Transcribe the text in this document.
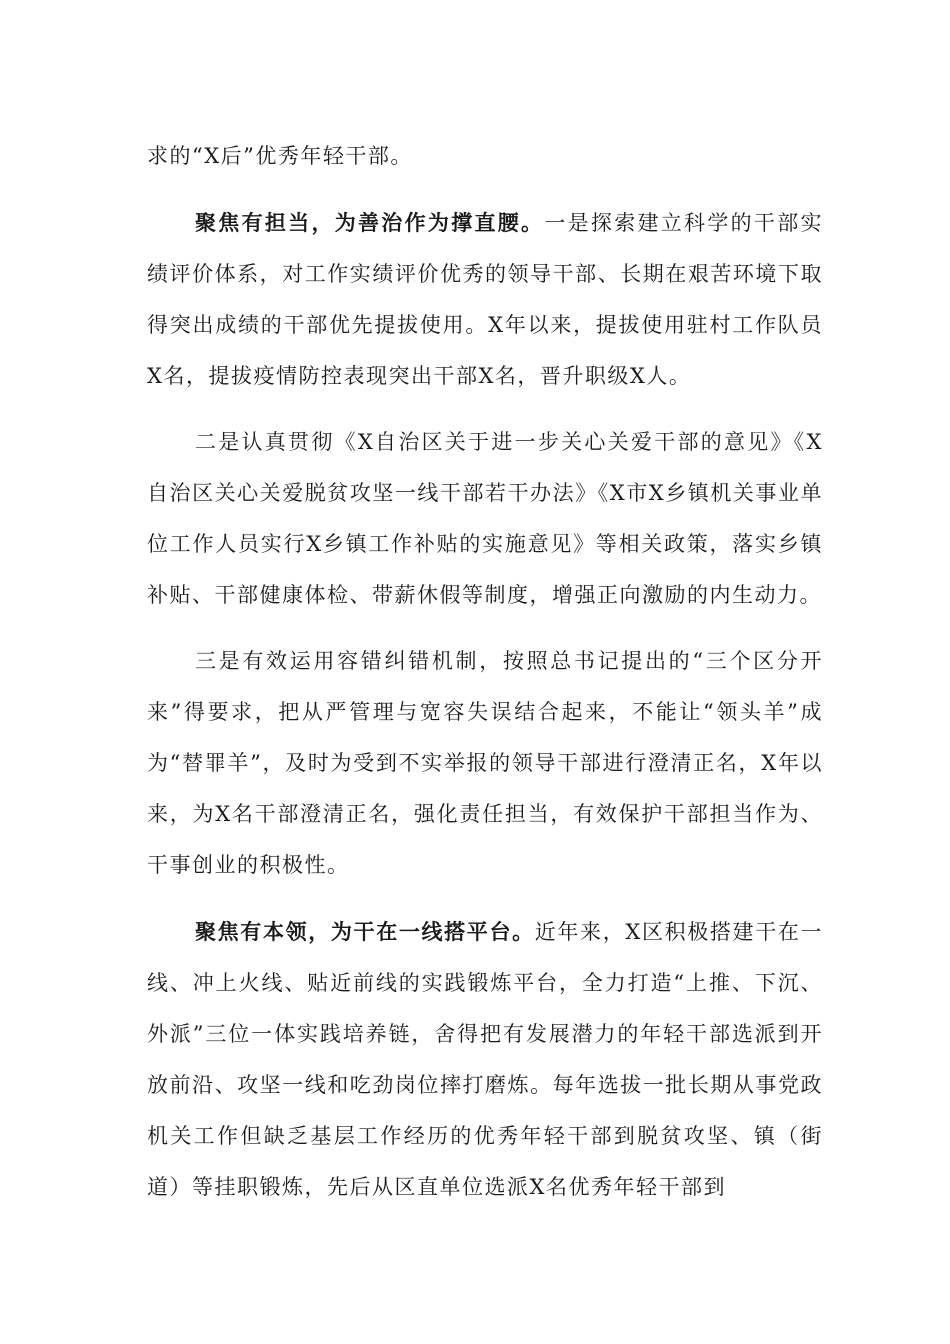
求的“X后”优秀年轻干部。

聚焦有担当，为善治作为撑直腰。一是探索建立科学的干部实绩评价体系，对工作实绩评价优秀的领导干部、长期在艰苦环境下取得突出成绩的干部优先提拔使用。X年以来，提拔使用驻村工作队员X名，提拔疫情防控表现突出干部X名，晋升职级X人。

二是认真贯彻《X自治区关于进一步关心关爱干部的意见》《X自治区关心关爱脱贫攻坚一线干部若干办法》《X市X乡镇机关事业单位工作人员实行X乡镇工作补贴的实施意见》等相关政策，落实乡镇补贴、干部健康体检、带薪休假等制度，增强正向激励的内生动力。

三是有效运用容错纠错机制，按照总书记提出的“三个区分开来”得要求，把从严管理与宽容失误结合起来，不能让“领头羊”成为“替罪羊”，及时为受到不实举报的领导干部进行澄清正名，X年以来，为X名干部澄清正名，强化责任担当，有效保护干部担当作为、干事创业的积极性。

聚焦有本领，为干在一线搭平台。近年来，X区积极搭建干在一线、冲上火线、贴近前线的实践锻炼平台，全力打造“上推、下沉、外派”三位一体实践培养链，舍得把有发展潜力的年轻干部选派到开放前沿、攻坚一线和吃劲岗位摔打磨炼。每年选拔一批长期从事党政机关工作但缺乏基层工作经历的优秀年轻干部到脱贫攻坚、镇（街道）等挂职锻炼，先后从区直单位选派X名优秀年轻干部到
